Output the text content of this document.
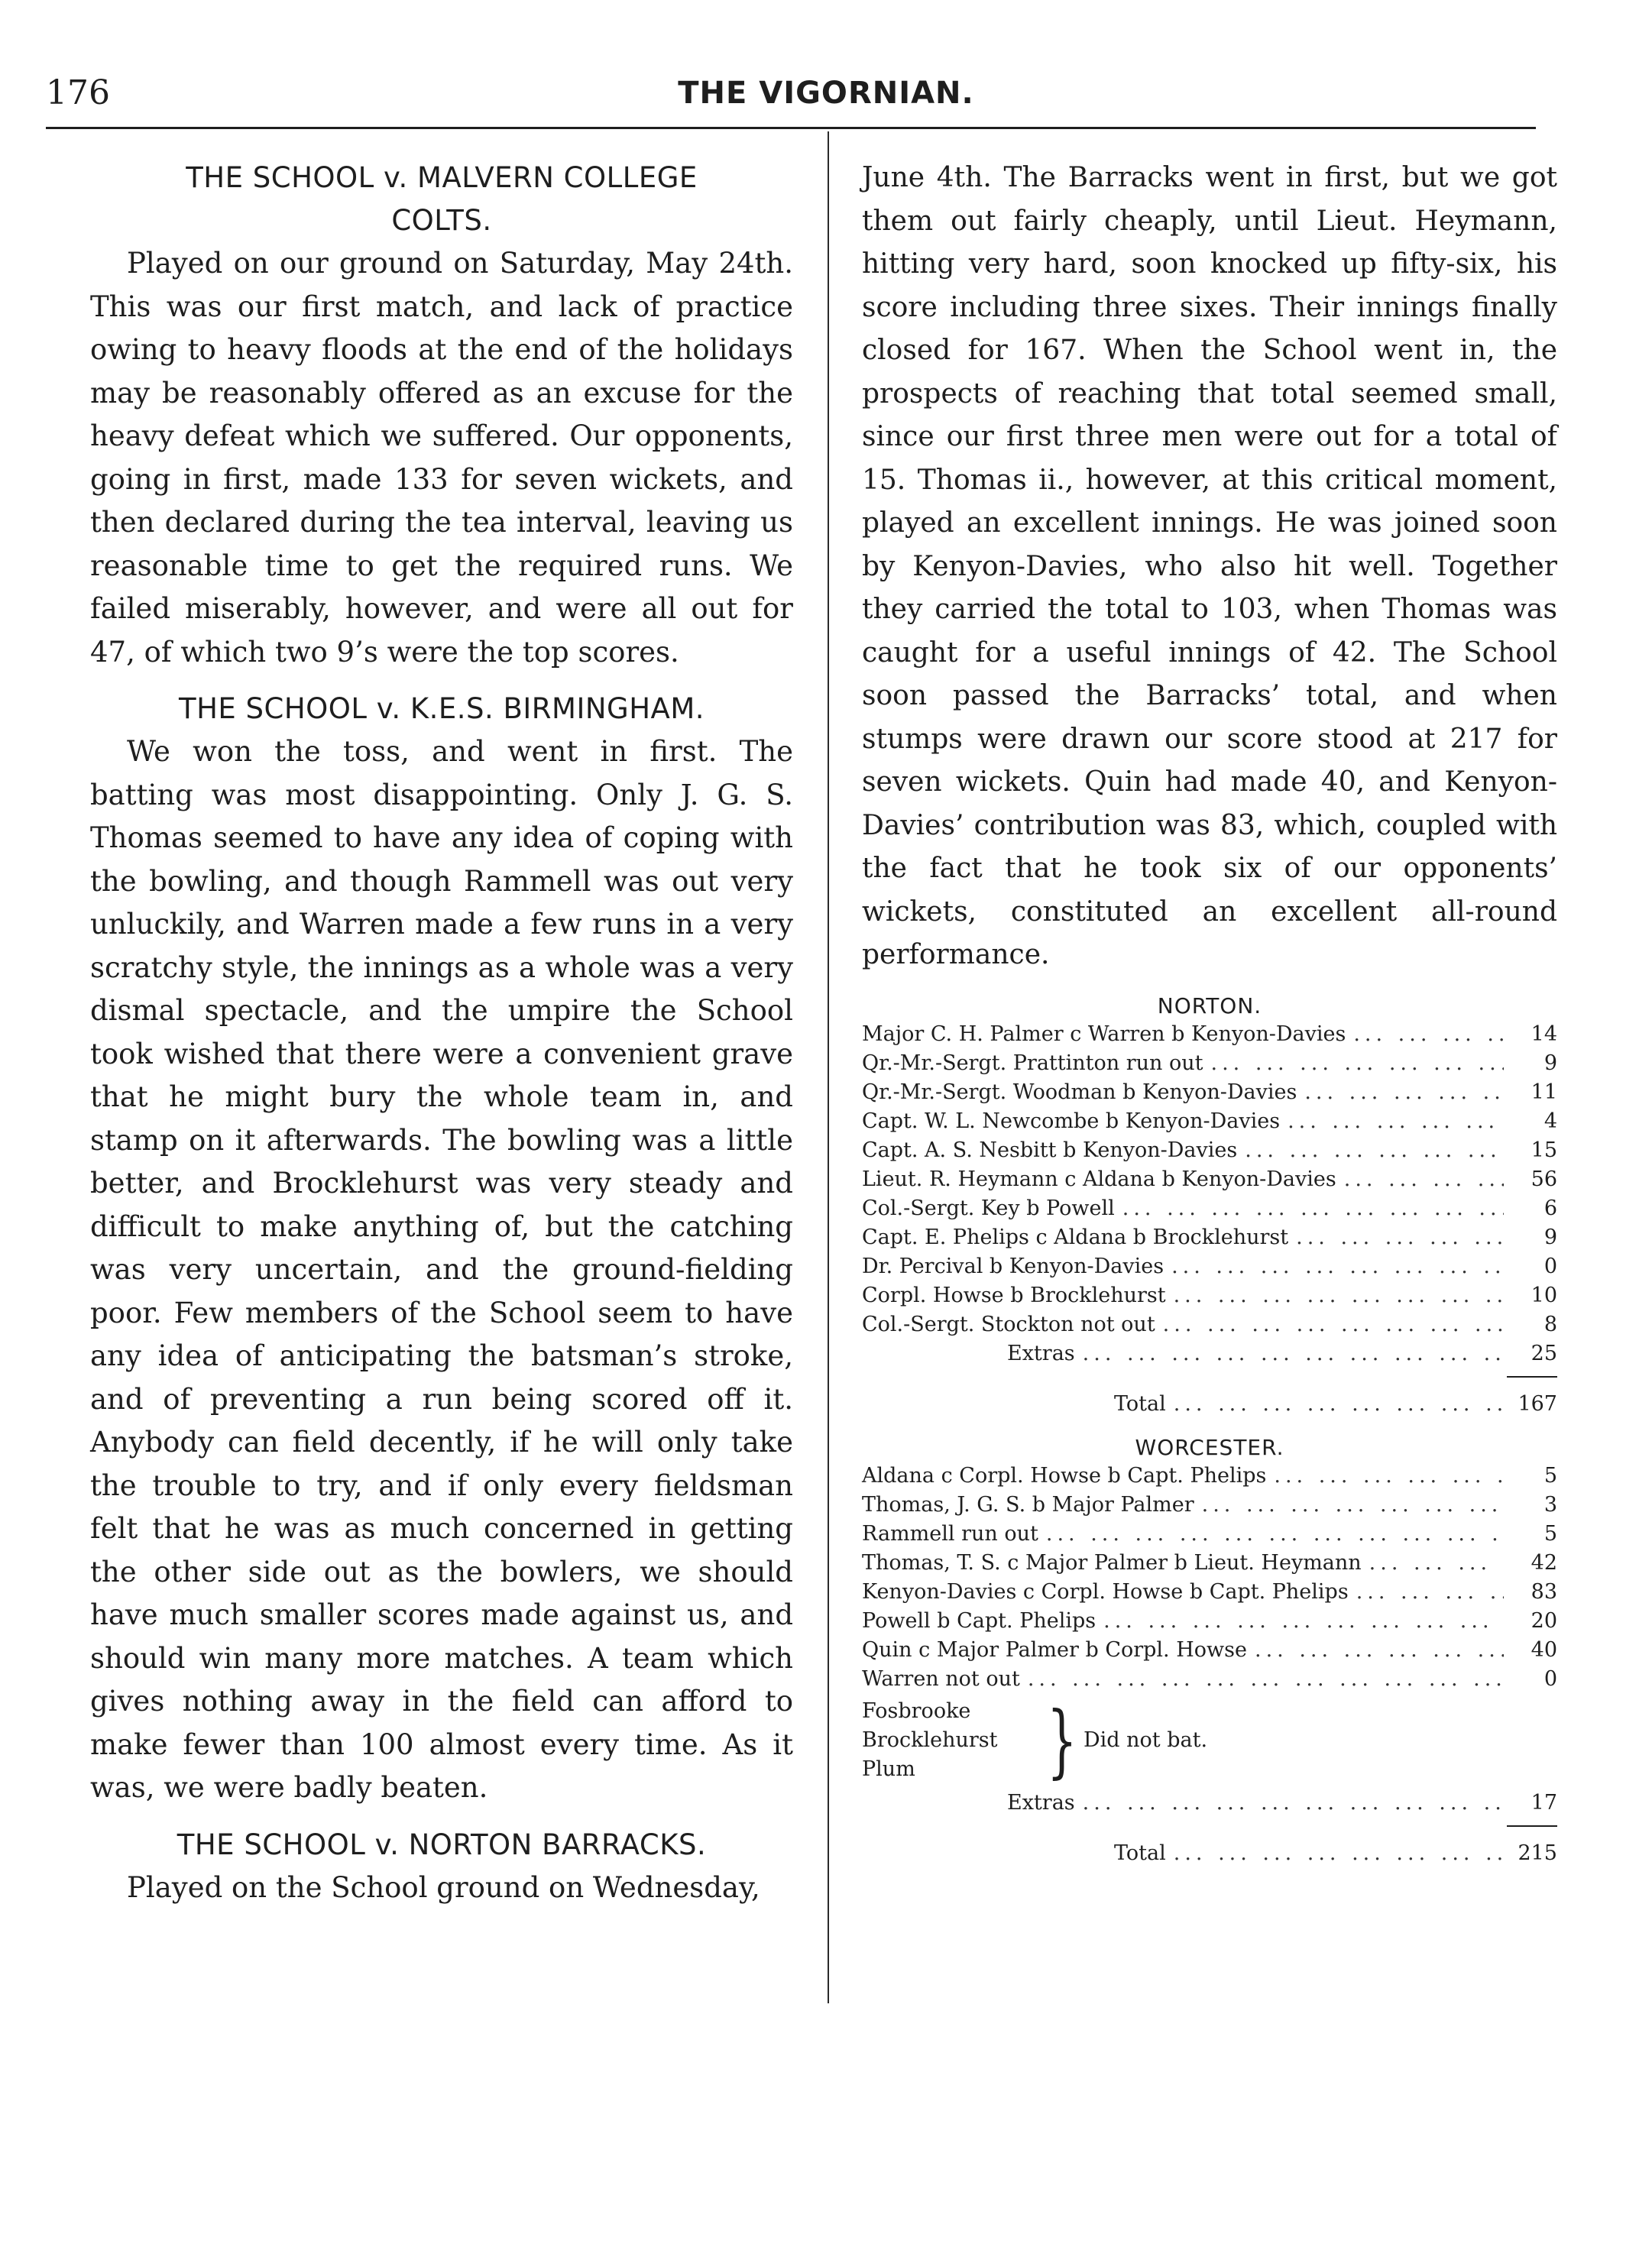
176	THE VIGORNIAN.
THE SCHOOL v. MALVERN COLLEGE
COLTS.

Played on our ground on Saturday, May 24th. This was our first match, and lack of practice owing to heavy floods at the end of the holidays may be reasonably offered as an excuse for the heavy defeat which we suffered. Our opponents, going in first, made 133 for seven wickets, and then declared during the tea interval, leaving us reasonable time to get the required runs. We failed miserably, however, and were all out for 47, of which two 9’s were the top scores.

THE SCHOOL v. K.E.S. BIRMINGHAM.

We won the toss, and went in first. The batting was most disappointing. Only J. G. S. Thomas seemed to have any idea of coping with the bowling, and though Rammell was out very unluckily, and Warren made a few runs in a very scratchy style, the innings as a whole was a very dismal spectacle, and the umpire the School took wished that there were a convenient grave that he might bury the whole team in, and stamp on it afterwards. The bowling was a little better, and Brocklehurst was very steady and difficult to make anything of, but the catching was very uncertain, and the ground-fielding poor. Few members of the School seem to have any idea of anticipating the batsman’s stroke, and of preventing a run being scored off it. Anybody can field decently, if he will only take the trouble to try, and if only every fieldsman felt that he was as much concerned in getting the other side out as the bowlers, we should have much smaller scores made against us, and should win many more matches. A team which gives nothing away in the field can afford to make fewer than 100 almost every time. As it was, we were badly beaten.

THE SCHOOL v. NORTON BARRACKS.

Played on the School ground on Wednesday,

June 4th. The Barracks went in first, but we got them out fairly cheaply, until Lieut. Heymann, hitting very hard, soon knocked up fifty-six, his score including three sixes. Their innings finally closed for 167. When the School went in, the prospects of reaching that total seemed small, since our first three men were out for a total of 15. Thomas ii., however, at this critical moment, played an excellent innings. He was joined soon by Kenyon-Davies, who also hit well. Together they carried the total to 103, when Thomas was caught for a useful innings of 42. The School soon passed the Barracks’ total, and when stumps were drawn our score stood at 217 for seven wickets. Quin had made 40, and Kenyon-Davies’ contribution was 83, which, coupled with the fact that he took six of our opponents’ wickets, constituted an excellent all-round performance.

NORTON.
Major C. H. Palmer c Warren b Kenyon-Davies ... .	14
Qr.-Mr.-Sergt. Prattinton run out ... .	9
Qr.-Mr.-Sergt. Woodman b Kenyon-Davies ... .	11
Capt. W. L. Newcombe b Kenyon-Davies ... .	4
Capt. A. S. Nesbitt b Kenyon-Davies ... .	15
Lieut. R. Heymann c Aldana b Kenyon-Davies ... .	56
Col.-Sergt. Key b Powell ... .	6
Capt. E. Phelips c Aldana b Brocklehurst ... .	9
Dr. Percival b Kenyon-Davies ... .	0
Corpl. Howse b Brocklehurst ... .	10
Col.-Sergt. Stockton not out ... .	8
Extras ... .	25
Total ... .	167
WORCESTER.
Aldana c Corpl. Howse b Capt. Phelips ... .	5
Thomas, J. G. S. b Major Palmer ... .	3
Rammell run out ... .	5
Thomas, T. S. c Major Palmer b Lieut. Heymann ... .	42
Kenyon-Davies c Corpl. Howse b Capt. Phelips ... .	83
Powell b Capt. Phelips ... .	20
Quin c Major Palmer b Corpl. Howse ... .	40
Warren not out ... .	0
Fosbrooke
Brocklehurst
Plum	} Did not bat.
Extras ... .	17
Total ... .	215
